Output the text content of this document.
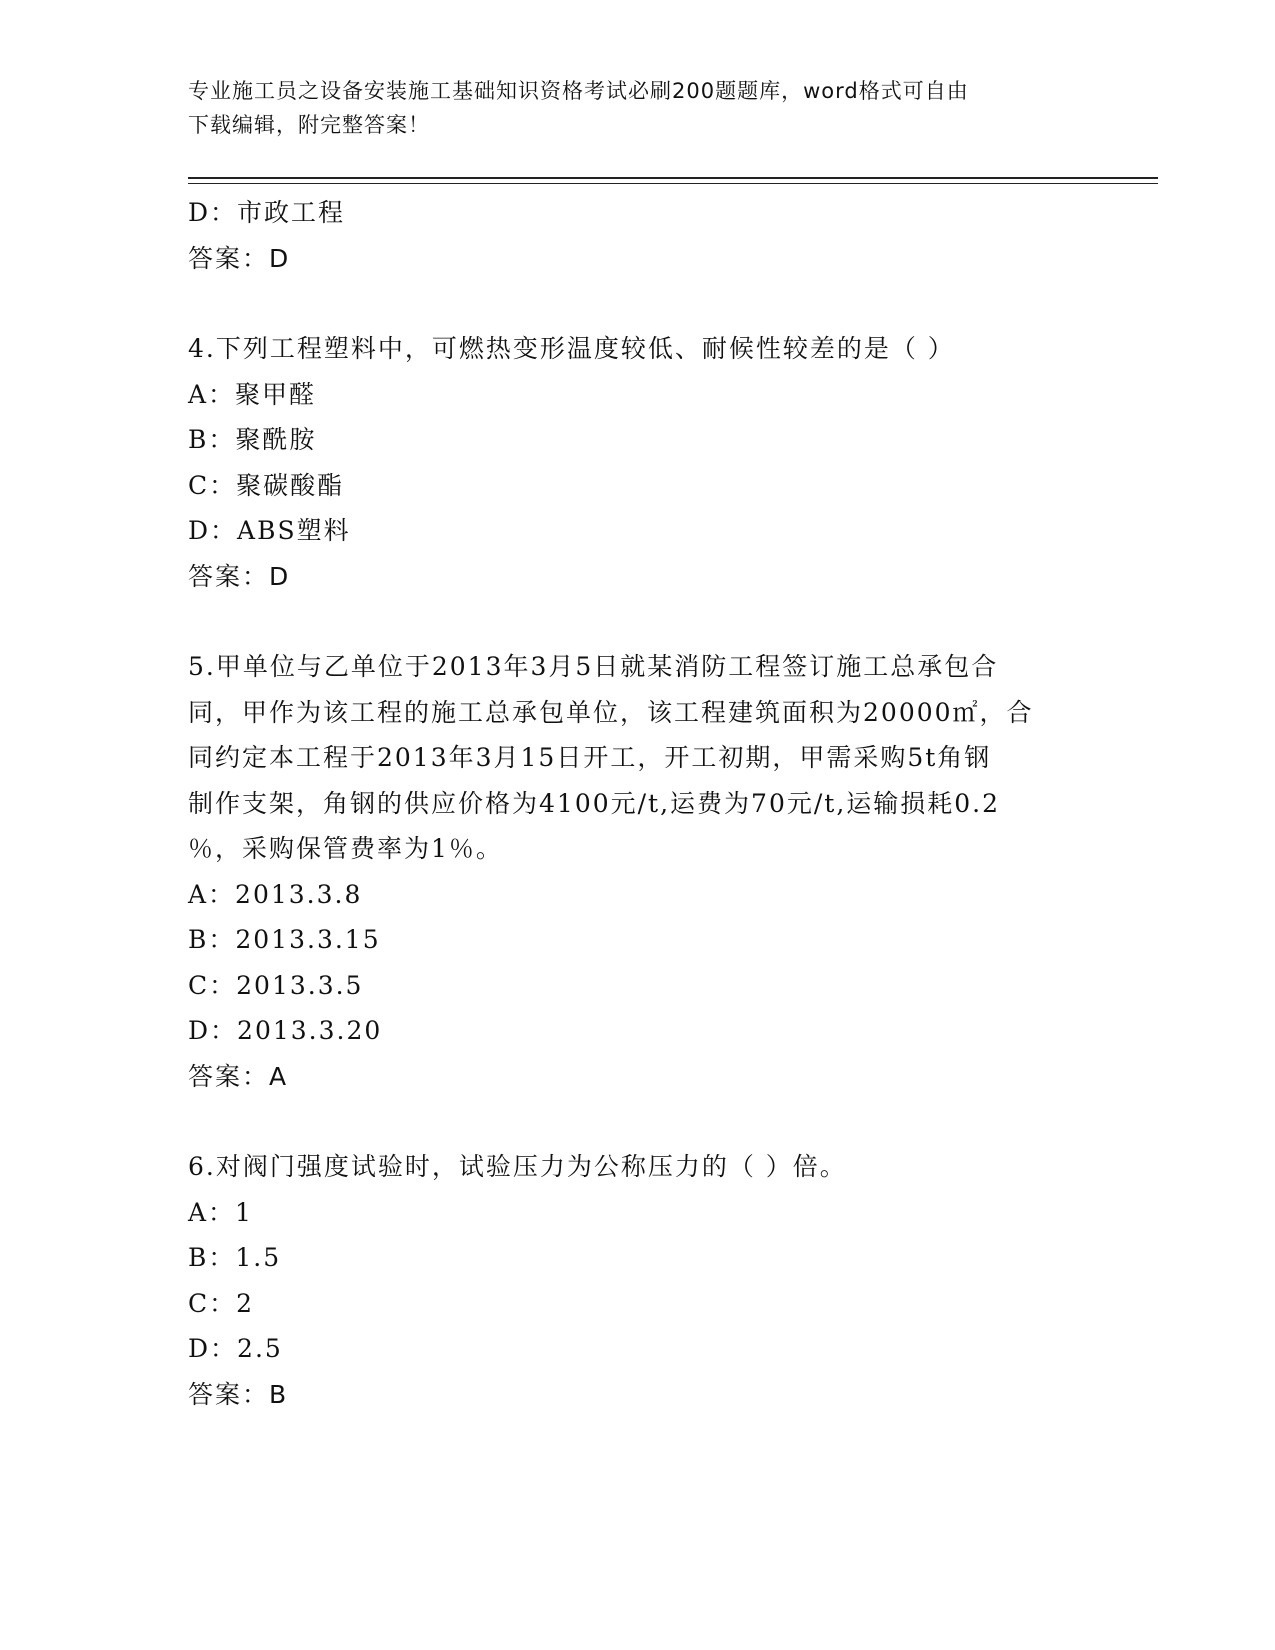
专业施工员之设备安装施工基础知识资格考试必刷200题题库，word格式可自由
下载编辑，附完整答案！
D：市政工程
答案：D
4.下列工程塑料中，可燃热变形温度较低、耐候性较差的是（ ）
A：聚甲醛
B：聚酰胺
C：聚碳酸酯
D：ABS塑料
答案：D
5.甲单位与乙单位于2013年3月5日就某消防工程签订施工总承包合
同，甲作为该工程的施工总承包单位，该工程建筑面积为20000㎡，合
同约定本工程于2013年3月15日开工，开工初期，甲需采购5t角钢
制作支架，角钢的供应价格为4100元/t,运费为70元/t,运输损耗0.2
％，采购保管费率为1％。
A：2013.3.8
B：2013.3.15
C：2013.3.5
D：2013.3.20
答案：A
6.对阀门强度试验时，试验压力为公称压力的（ ）倍。
A：1
B：1.5
C：2
D：2.5
答案：B
